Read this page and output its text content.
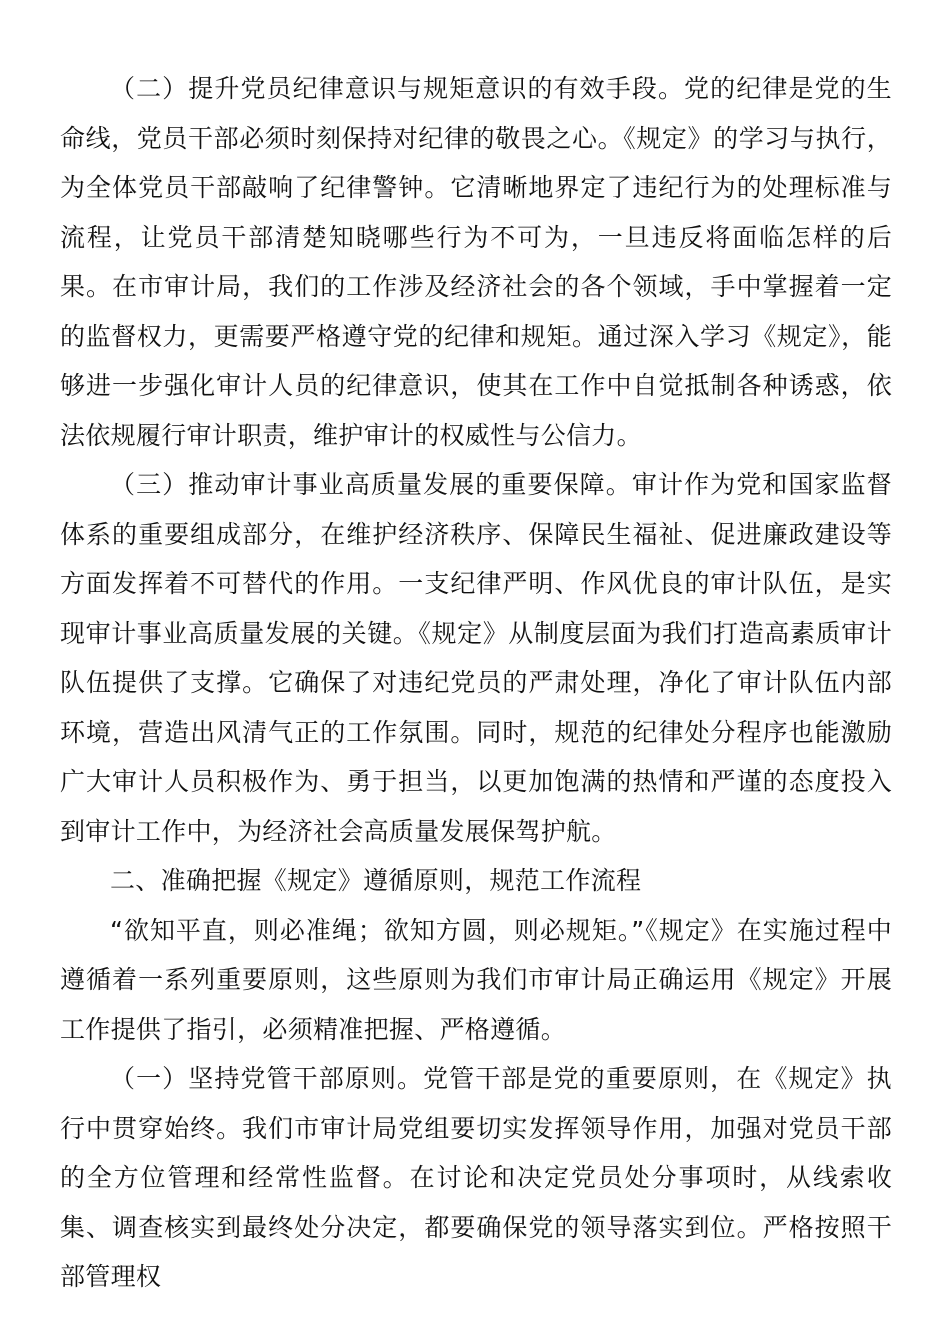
（二）提升党员纪律意识与规矩意识的有效手段。党的纪律是党的生命线，党员干部必须时刻保持对纪律的敬畏之心。《规定》的学习与执行，为全体党员干部敲响了纪律警钟。它清晰地界定了违纪行为的处理标准与流程，让党员干部清楚知晓哪些行为不可为，一旦违反将面临怎样的后果。在市审计局，我们的工作涉及经济社会的各个领域，手中掌握着一定的监督权力，更需要严格遵守党的纪律和规矩。通过深入学习《规定》，能够进一步强化审计人员的纪律意识，使其在工作中自觉抵制各种诱惑，依法依规履行审计职责，维护审计的权威性与公信力。

（三）推动审计事业高质量发展的重要保障。审计作为党和国家监督体系的重要组成部分，在维护经济秩序、保障民生福祉、促进廉政建设等方面发挥着不可替代的作用。一支纪律严明、作风优良的审计队伍，是实现审计事业高质量发展的关键。《规定》从制度层面为我们打造高素质审计队伍提供了支撑。它确保了对违纪党员的严肃处理，净化了审计队伍内部环境，营造出风清气正的工作氛围。同时，规范的纪律处分程序也能激励广大审计人员积极作为、勇于担当，以更加饱满的热情和严谨的态度投入到审计工作中，为经济社会高质量发展保驾护航。

二、准确把握《规定》遵循原则，规范工作流程

“欲知平直，则必准绳；欲知方圆，则必规矩。”《规定》在实施过程中遵循着一系列重要原则，这些原则为我们市审计局正确运用《规定》开展工作提供了指引，必须精准把握、严格遵循。

（一）坚持党管干部原则。党管干部是党的重要原则，在《规定》执行中贯穿始终。我们市审计局党组要切实发挥领导作用，加强对党员干部的全方位管理和经常性监督。在讨论和决定党员处分事项时，从线索收集、调查核实到最终处分决定，都要确保党的领导落实到位。严格按照干部管理权
